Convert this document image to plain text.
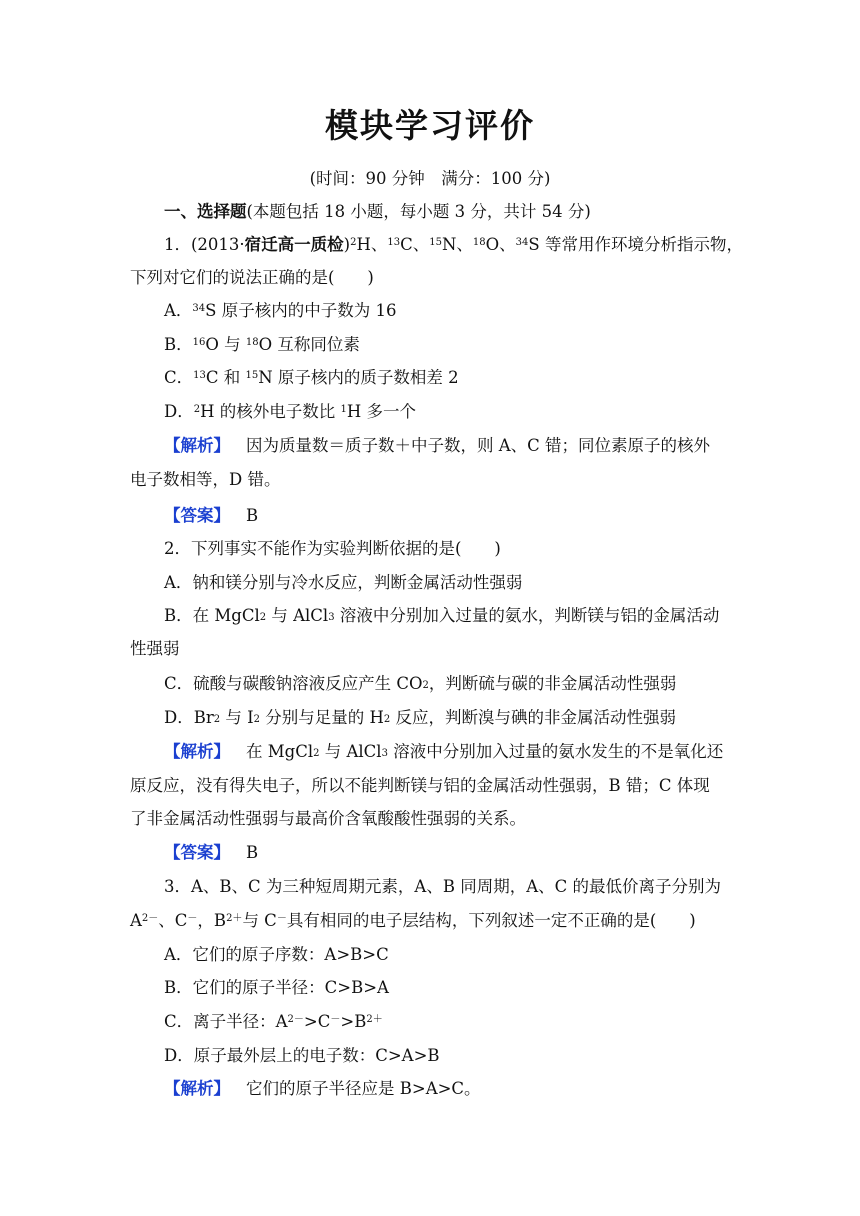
模块学习评价
(时间：90 分钟　满分：100 分)
一、选择题(本题包括 18 小题，每小题 3 分，共计 54 分)
1．(2013·宿迁高一质检)$^2$H、$^{13}$C、$^{15}$N、$^{18}$O、$^{34}$S 等常用作环境分析指示物，
下列对它们的说法正确的是(　　)
A．$^{34}$S 原子核内的中子数为 16
B．$^{16}$O 与 $^{18}$O 互称同位素
C．$^{13}$C 和 $^{15}$N 原子核内的质子数相差 2
D．$^2$H 的核外电子数比 $^1$H 多一个
【解析】 因为质量数＝质子数＋中子数，则 A、C 错；同位素原子的核外
电子数相等，D 错。
【答案】 B
2．下列事实不能作为实验判断依据的是(　　)
A．钠和镁分别与冷水反应，判断金属活动性强弱
B．在 MgCl$_2$ 与 AlCl$_3$ 溶液中分别加入过量的氨水，判断镁与铝的金属活动
性强弱
C．硫酸与碳酸钠溶液反应产生 $CO_2$，判断硫与碳的非金属活动性强弱
D．$Br_2$ 与 $I_2$ 分别与足量的 $H_2$ 反应，判断溴与碘的非金属活动性强弱
【解析】 在 MgCl$_2$ 与 AlCl$_3$ 溶液中分别加入过量的氨水发生的不是氧化还
原反应，没有得失电子，所以不能判断镁与铝的金属活动性强弱，B 错；C 体现
了非金属活动性强弱与最高价含氧酸酸性强弱的关系。
【答案】 B
3．A、B、C 为三种短周期元素，A、B 同周期，A、C 的最低价离子分别为
$A^{2-}$、C－，$B^{2+}$与 C－具有相同的电子层结构，下列叙述一定不正确的是(　　)
A．它们的原子序数：A>B>C
B．它们的原子半径：C>B>A
C．离子半径：$A^{2-}>C^->B^{2+}$
D．原子最外层上的电子数：C>A>B
【解析】 它们的原子半径应是 B>A>C。
